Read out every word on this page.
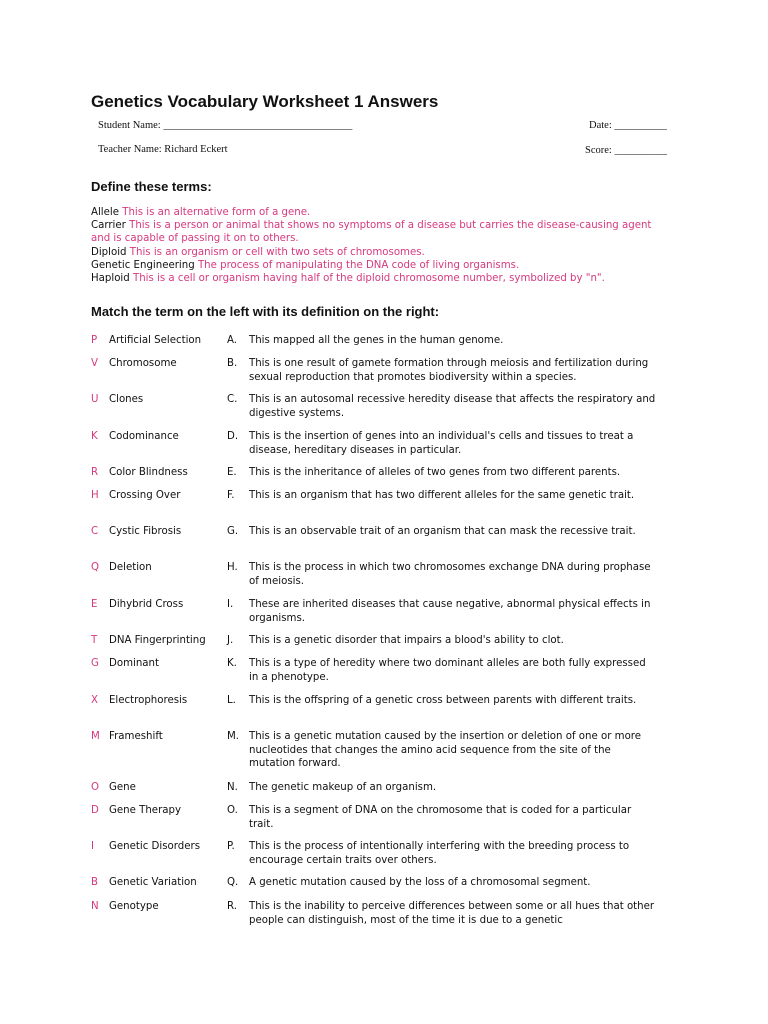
Genetics Vocabulary Worksheet 1 Answers
Student Name: ____________________________________	Date: __________
Teacher Name: Richard Eckert	Score: __________
Define these terms:
Allele This is an alternative form of a gene.
Carrier This is a person or animal that shows no symptoms of a disease but carries the disease-causing agent and is capable of passing it on to others.
Diploid This is an organism or cell with two sets of chromosomes.
Genetic Engineering The process of manipulating the DNA code of living organisms.
Haploid This is a cell or organism having half of the diploid chromosome number, symbolized by "n".
Match the term on the left with its definition on the right:
P Artificial Selection	A.	This mapped all the genes in the human genome.
V Chromosome	B.	This is one result of gamete formation through meiosis and fertilization during sexual reproduction that promotes biodiversity within a species.
U Clones	C.	This is an autosomal recessive heredity disease that affects the respiratory and digestive systems.
K Codominance	D.	This is the insertion of genes into an individual's cells and tissues to treat a disease, hereditary diseases in particular.
R Color Blindness	E.	This is the inheritance of alleles of two genes from two different parents.
H Crossing Over	F.	This is an organism that has two different alleles for the same genetic trait.
C Cystic Fibrosis	G.	This is an observable trait of an organism that can mask the recessive trait.
Q Deletion	H.	This is the process in which two chromosomes exchange DNA during prophase of meiosis.
E Dihybrid Cross	I.	These are inherited diseases that cause negative, abnormal physical effects in organisms.
T DNA Fingerprinting J.	This is a genetic disorder that impairs a blood's ability to clot.
G Dominant	K.	This is a type of heredity where two dominant alleles are both fully expressed in a phenotype.
X Electrophoresis	L.	This is the offspring of a genetic cross between parents with different traits.
M Frameshift	M. This is a genetic mutation caused by the insertion or deletion of one or more nucleotides that changes the amino acid sequence from the site of the mutation forward.
O Gene	N.	The genetic makeup of an organism.
D Gene Therapy	O.	This is a segment of DNA on the chromosome that is coded for a particular trait.
I Genetic Disorders	P.	This is the process of intentionally interfering with the breeding process to encourage certain traits over others.
B Genetic Variation	Q.	A genetic mutation caused by the loss of a chromosomal segment.
N Genotype	R.	This is the inability to perceive differences between some or all hues that other people can distinguish, most of the time it is due to a genetic
